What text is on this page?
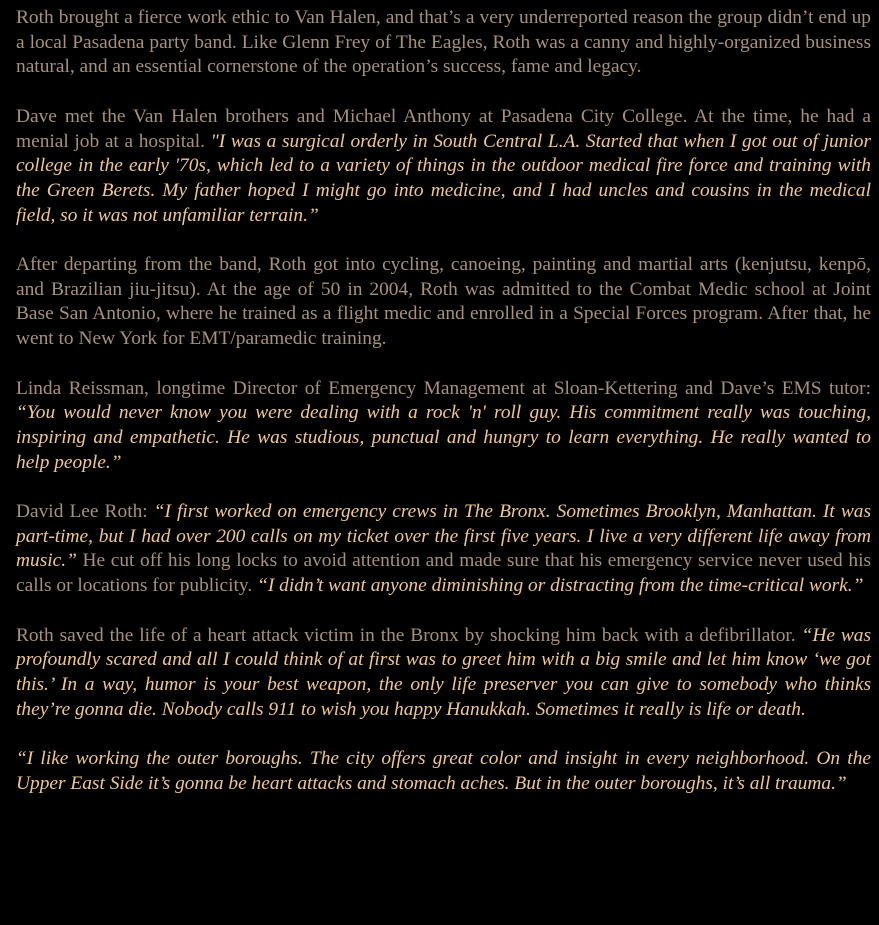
Roth brought a fierce work ethic to Van Halen, and that’s a very underreported reason the group didn’t end up a local Pasadena party band. Like Glenn Frey of The Eagles, Roth was a canny and highly-organized business natural, and an essential cornerstone of the operation’s success, fame and legacy.

Dave met the Van Halen brothers and Michael Anthony at Pasadena City College. At the time, he had a menial job at a hospital. "I was a surgical orderly in South Central L.A. Started that when I got out of junior college in the early '70s, which led to a variety of things in the outdoor medical fire force and training with the Green Berets. My father hoped I might go into medicine, and I had uncles and cousins in the medical field, so it was not unfamiliar terrain.”

After departing from the band, Roth got into cycling, canoeing, painting and martial arts (kenjutsu, kenpō, and Brazilian jiu-jitsu). At the age of 50 in 2004, Roth was admitted to the Combat Medic school at Joint Base San Antonio, where he trained as a flight medic and enrolled in a Special Forces program. After that, he went to New York for EMT/paramedic training.

Linda Reissman, longtime Director of Emergency Management at Sloan-Kettering and Dave’s EMS tutor: “You would never know you were dealing with a rock 'n' roll guy. His commitment really was touching, inspiring and empathetic. He was studious, punctual and hungry to learn everything. He really wanted to help people.”

David Lee Roth: “I first worked on emergency crews in The Bronx. Sometimes Brooklyn, Manhattan. It was part-time, but I had over 200 calls on my ticket over the first five years. I live a very different life away from music.” He cut off his long locks to avoid attention and made sure that his emergency service never used his calls or locations for publicity. “I didn’t want anyone diminishing or distracting from the time-critical work.”

Roth saved the life of a heart attack victim in the Bronx by shocking him back with a defibrillator. “He was profoundly scared and all I could think of at first was to greet him with a big smile and let him know ‘we got this.’ In a way, humor is your best weapon, the only life preserver you can give to somebody who thinks they’re gonna die. Nobody calls 911 to wish you happy Hanukkah. Sometimes it really is life or death.

“I like working the outer boroughs. The city offers great color and insight in every neighborhood. On the Upper East Side it’s gonna be heart attacks and stomach aches. But in the outer boroughs, it’s all trauma.”
